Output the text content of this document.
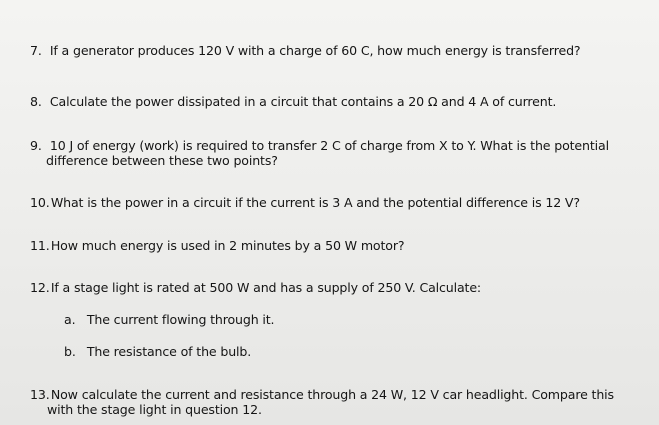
7. If a generator produces 120 V with a charge of 60 C, how much energy is transferred?
8. Calculate the power dissipated in a circuit that contains a 20 Ω and 4 A of current.
9. 10 J of energy (work) is required to transfer 2 C of charge from X to Y. What is the potential
difference between these two points?
10. What is the power in a circuit if the current is 3 A and the potential difference is 12 V?
11. How much energy is used in 2 minutes by a 50 W motor?
12. If a stage light is rated at 500 W and has a supply of 250 V. Calculate:
a. The current flowing through it.
b. The resistance of the bulb.
13. Now calculate the current and resistance through a 24 W, 12 V car headlight. Compare this
with the stage light in question 12.
